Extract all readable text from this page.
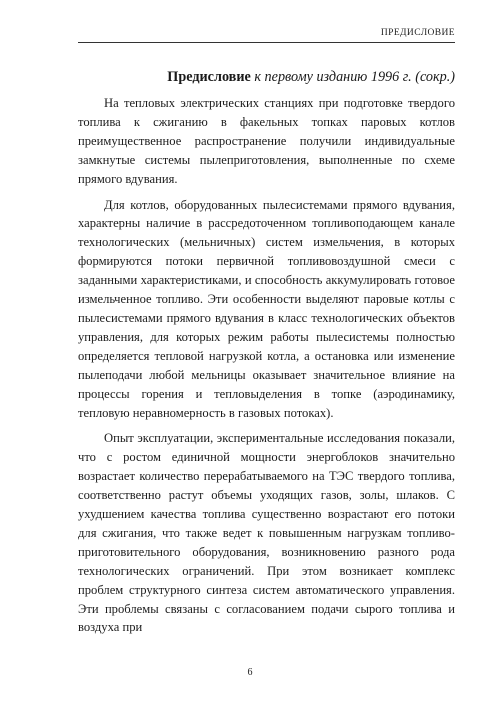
ПРЕДИСЛОВИЕ
Предисловие к первому изданию 1996 г. (сокр.)

На тепловых электрических станциях при подготовке твердого топлива к сжиганию в факельных топках паровых котлов преимущественное распространение получили индивидуальные замкнутые системы пылеприготовления, выполненные по схеме прямого вдувания.

Для котлов, оборудованных пылесистемами прямого вдувания, характерны наличие в рассредоточенном топливоподающем канале технологических (мельничных) систем измельчения, в которых формируются потоки первичной топливовоздушной смеси с заданными характеристиками, и способность аккумулировать готовое измельченное топливо. Эти особенности выделяют паровые котлы с пылесистемами прямого вдувания в класс технологических объектов управления, для которых режим работы пылесистемы полностью определяется тепловой нагрузкой котла, а остановка или изменение пылеподачи любой мельницы оказывает значительное влияние на процессы горения и тепловыделения в топке (аэродинамику, тепловую неравномерность в газовых потоках).

Опыт эксплуатации, экспериментальные исследования показали, что с ростом единичной мощности энергоблоков значительно возрастает количество перерабатываемого на ТЭС твердого топлива, соответственно растут объемы уходящих газов, золы, шлаков. С ухудшением качества топлива существенно возрастают его потоки для сжигания, что также ведет к повышенным нагрузкам топливо-приготовительного оборудования, возникновению разного рода технологических ограничений. При этом возникает комплекс проблем структурного синтеза систем автоматического управления. Эти проблемы связаны с согласованием подачи сырого топлива и воздуха при

6
